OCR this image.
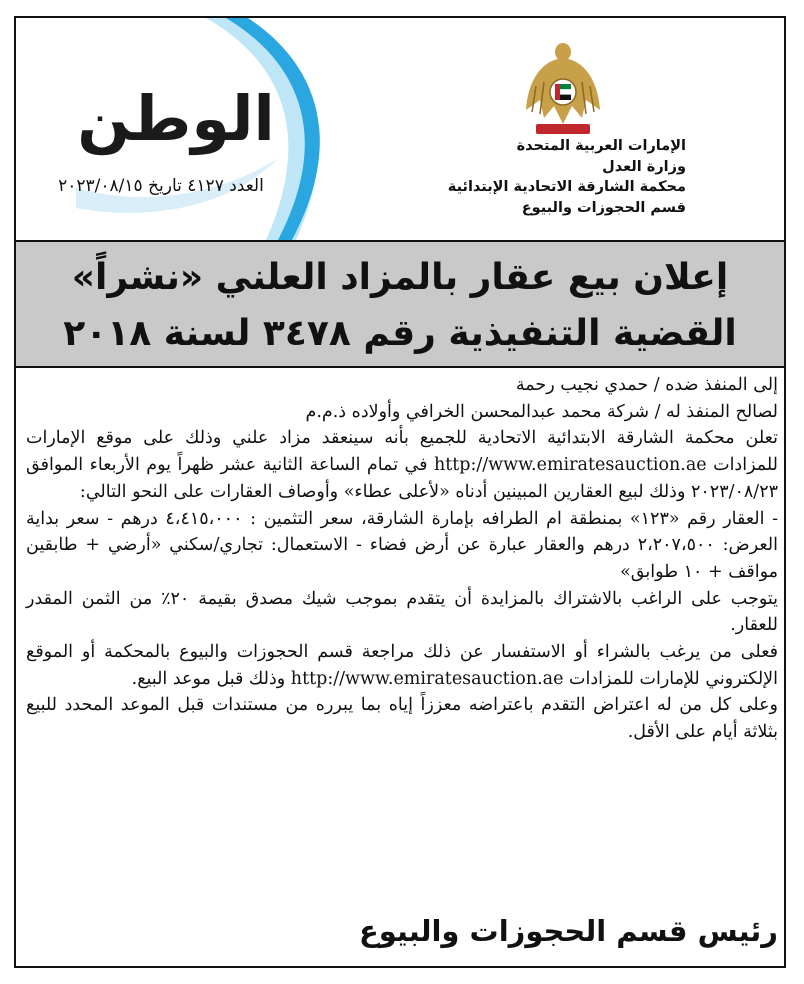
الوطن
العدد ٤١٢٧ تاريخ ٢٠٢٣/٠٨/١٥
الإمارات العربية المتحدة
وزارة العدل
محكمة الشارقة الاتحادية الإبتدائية
قسم الحجوزات والبيوع
إعلان بيع عقار بالمزاد العلني «نشراً»
القضية التنفيذية رقم ٣٤٧٨ لسنة ٢٠١٨

إلى المنفذ ضده / حمدي نجيب رحمة

لصالح المنفذ له / شركة محمد عبدالمحسن الخرافي وأولاده ذ.م.م

تعلن محكمة الشارقة الابتدائية الاتحادية للجميع بأنه سينعقد مزاد علني وذلك على موقع الإمارات للمزادات http://www.emiratesauction.ae في تمام الساعة الثانية عشر ظهراً يوم الأربعاء الموافق ٢٠٢٣/٠٨/٢٣ وذلك لبيع العقارين المبينين أدناه «لأعلى عطاء» وأوصاف العقارات على النحو التالي:

- العقار رقم «١٢٣» بمنطقة ام الطرافه بإمارة الشارقة، سعر التثمين : ٤،٤١٥،٠٠٠ درهم - سعر بداية العرض: ٢،٢٠٧،٥٠٠ درهم والعقار عبارة عن أرض فضاء - الاستعمال: تجاري/سكني «أرضي + طابقين مواقف + ١٠ طوابق»

يتوجب على الراغب بالاشتراك بالمزايدة أن يتقدم بموجب شيك مصدق بقيمة ٢٠٪ من الثمن المقدر للعقار.

فعلى من يرغب بالشراء أو الاستفسار عن ذلك مراجعة قسم الحجوزات والبيوع بالمحكمة أو الموقع الإلكتروني للإمارات للمزادات http://www.emiratesauction.ae وذلك قبل موعد البيع.

وعلى كل من له اعتراض التقدم باعتراضه معززاً إياه بما يبرره من مستندات قبل الموعد المحدد للبيع بثلاثة أيام على الأقل.

رئيس قسم الحجوزات والبيوع
